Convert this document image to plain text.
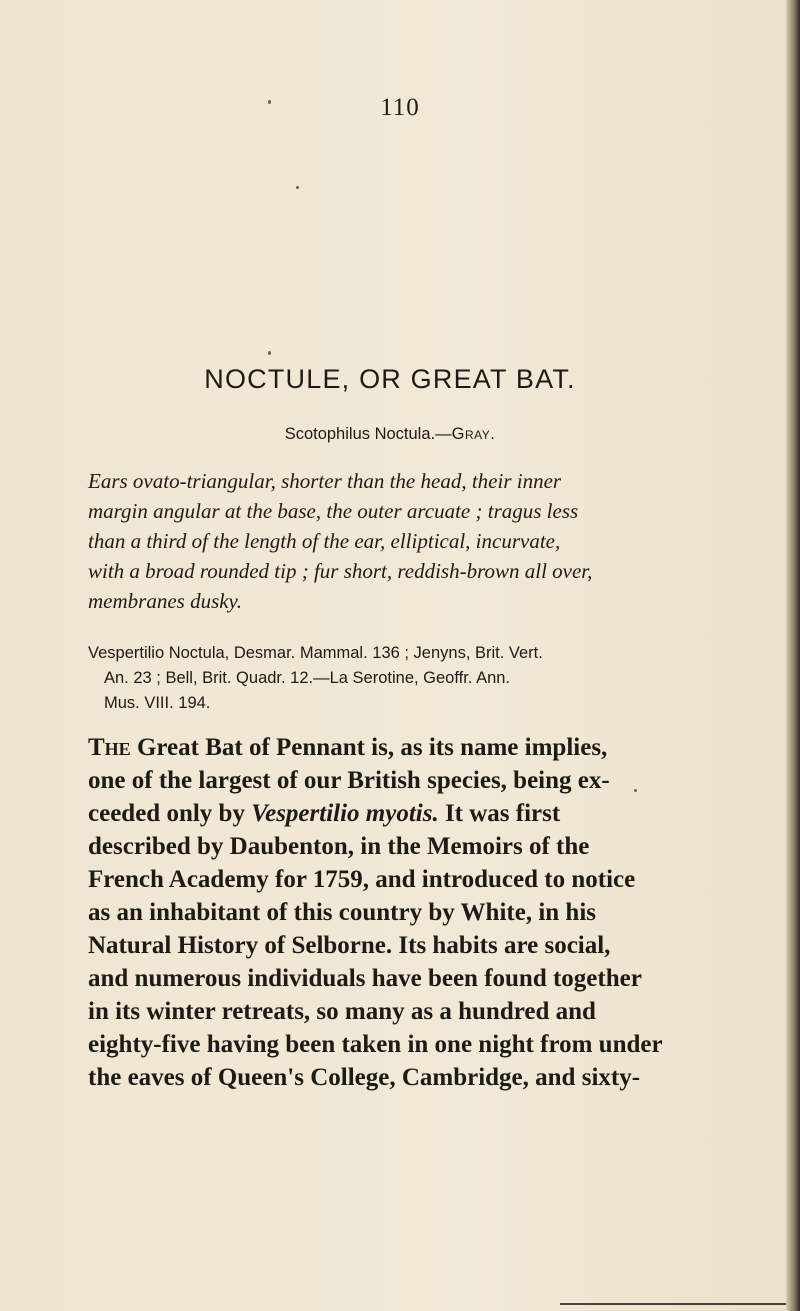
110
NOCTULE, OR GREAT BAT.
Scotophilus Noctula.—Gray.
Ears ovato-triangular, shorter than the head, their inner
margin angular at the base, the outer arcuate ; tragus less
than a third of the length of the ear, elliptical, incurvate,
with a broad rounded tip ; fur short, reddish-brown all over,
membranes dusky.
Vespertilio Noctula, Desmar. Mammal. 136 ; Jenyns, Brit. Vert.
An. 23 ; Bell, Brit. Quadr. 12.—La Serotine, Geoffr. Ann.
Mus. VIII. 194.
The Great Bat of Pennant is, as its name implies,
one of the largest of our British species, being ex-
ceeded only by Vespertilio myotis. It was first
described by Daubenton, in the Memoirs of the
French Academy for 1759, and introduced to notice
as an inhabitant of this country by White, in his
Natural History of Selborne. Its habits are social,
and numerous individuals have been found together
in its winter retreats, so many as a hundred and
eighty-five having been taken in one night from under
the eaves of Queen's College, Cambridge, and sixty-
